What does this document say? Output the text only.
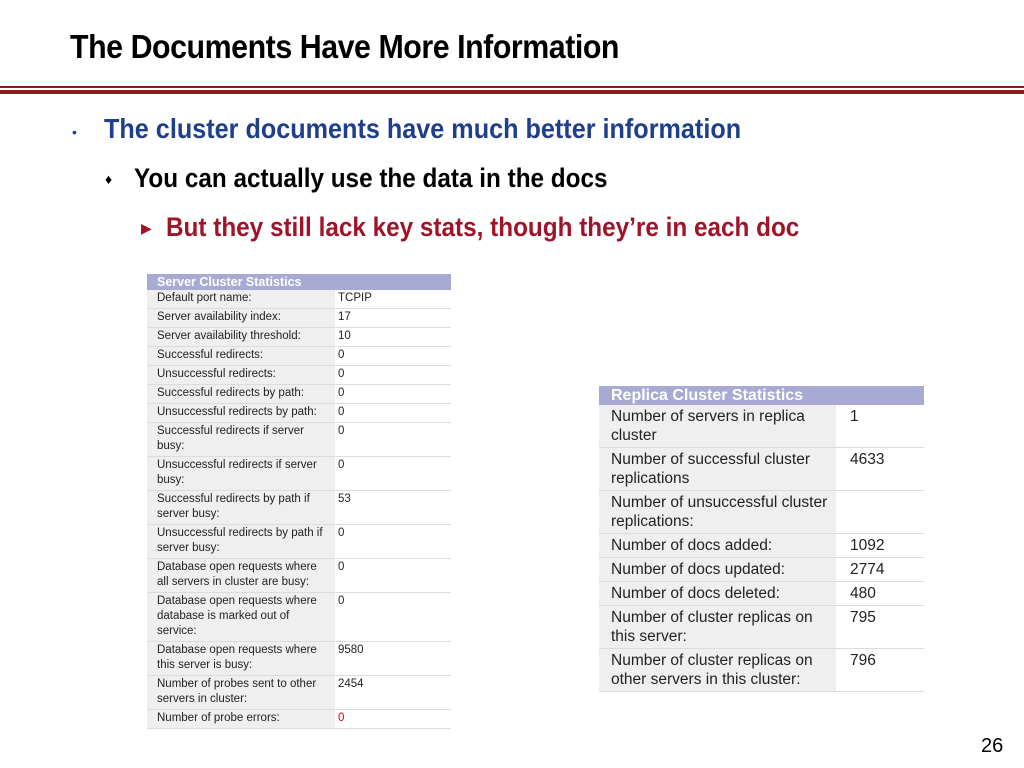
The Documents Have More Information
• The cluster documents have much better information
♦ You can actually use the data in the docs
▶ But they still lack key stats, though they’re in each doc
Server Cluster Statistics	
Default port name:	TCPIP
Server availability index:	17
Server availability threshold:	10
Successful redirects:	0
Unsuccessful redirects:	0
Successful redirects by path:	0
Unsuccessful redirects by path:	0
Successful redirects if server busy:	0
Unsuccessful redirects if server busy:	0
Successful redirects by path if server busy:	53
Unsuccessful redirects by path if server busy:	0
Database open requests where all servers in cluster are busy:	0
Database open requests where database is marked out of service:	0
Database open requests where this server is busy:	9580
Number of probes sent to other servers in cluster:	2454
Number of probe errors:	0
Replica Cluster Statistics	
Number of servers in replica cluster	1
Number of successful cluster replications	4633
Number of unsuccessful cluster replications:	
Number of docs added:	1092
Number of docs updated:	2774
Number of docs deleted:	480
Number of cluster replicas on this server:	795
Number of cluster replicas on other servers in this cluster:	796
26
